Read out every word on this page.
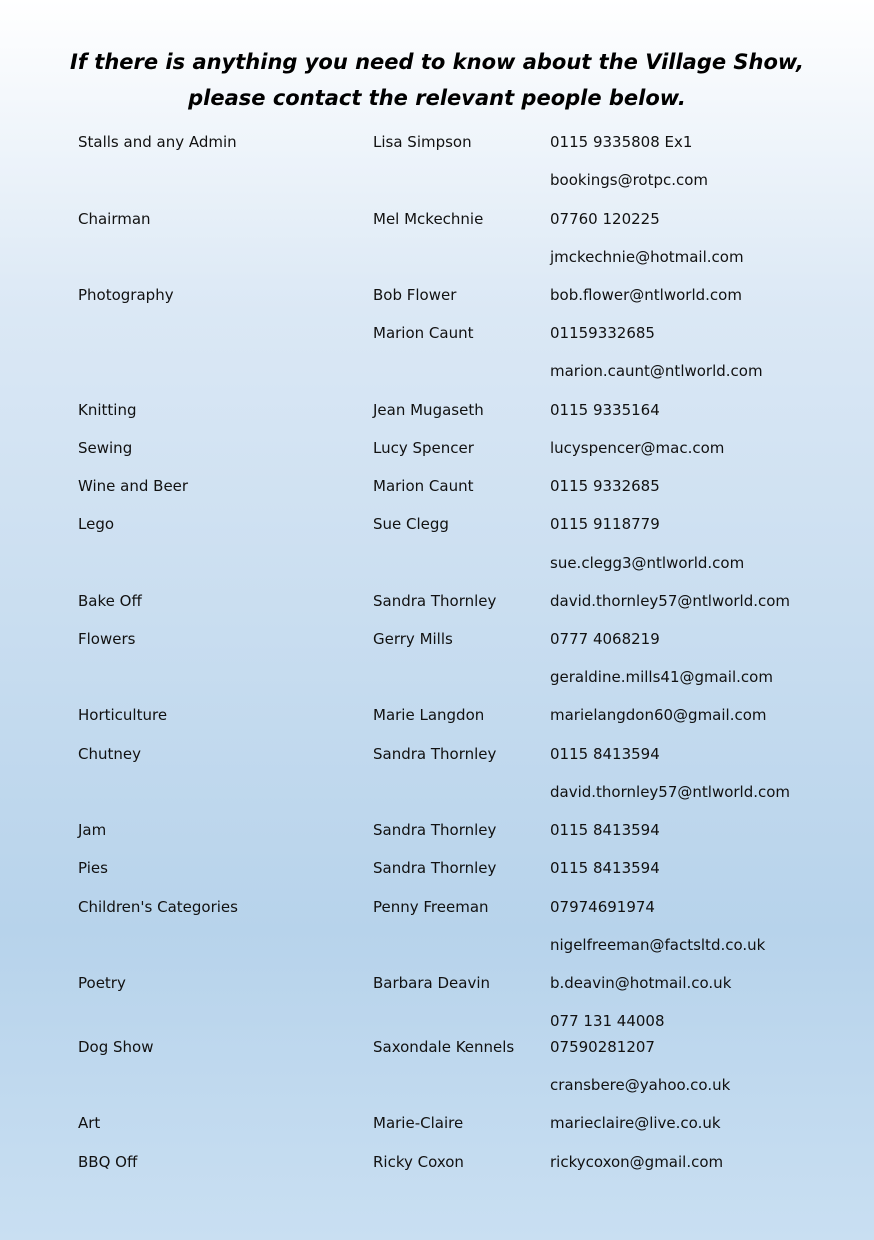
If there is anything you need to know about the Village Show,
please contact the relevant people below.
Stalls and any Admin	Lisa Simpson	0115 9335808 Ex1
bookings@rotpc.com
Chairman	Mel Mckechnie	07760 120225
jmckechnie@hotmail.com
Photography	Bob Flower	bob.flower@ntlworld.com
Marion Caunt	01159332685
marion.caunt@ntlworld.com
Knitting	Jean Mugaseth	0115 9335164
Sewing	Lucy Spencer	lucyspencer@mac.com
Wine and Beer	Marion Caunt	0115 9332685
Lego	Sue Clegg	0115 9118779
sue.clegg3@ntlworld.com
Bake Off	Sandra Thornley	david.thornley57@ntlworld.com
Flowers	Gerry Mills	0777 4068219
geraldine.mills41@gmail.com
Horticulture	Marie Langdon	marielangdon60@gmail.com
Chutney	Sandra Thornley	0115 8413594
david.thornley57@ntlworld.com
Jam	Sandra Thornley	0115 8413594
Pies	Sandra Thornley	0115 8413594
Children's Categories	Penny Freeman	07974691974
nigelfreeman@factsltd.co.uk
Poetry	Barbara Deavin	b.deavin@hotmail.co.uk
077 131 44008
Dog Show	Saxondale Kennels 07590281207
cransbere@yahoo.co.uk
Art	Marie-Claire	marieclaire@live.co.uk
BBQ Off	Ricky Coxon	rickycoxon@gmail.com
